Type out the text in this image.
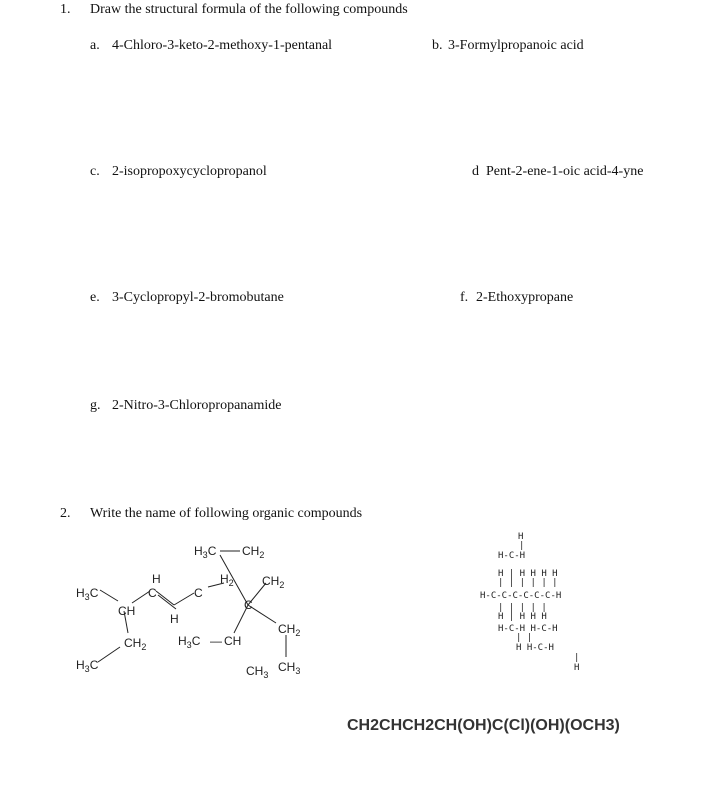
1. Draw the structural formula of the following compounds
a. 4-Chloro-3-keto-2-methoxy-1-pentanal	b. 3-Formylpropanoic acid
c. 2-isopropoxycyclopropanol	d Pent-2-ene-1-oic acid-4-yne
e. 3-Cyclopropyl-2-bromobutane	f. 2-Ethoxypropane
g. 2-Nitro-3-Chloropropanamide
2. Write the name of following organic compounds
$H_3C$ $CH_2$
$H_2$ $CH_2$
H
C	C
C
$H_3C$
CH
H
$CH_2$
$CH_2$	$H_3C$ — CH
$H_3C$	$CH_3$
$CH_3$
H
|
H-C-H
H | H H H H
| | | | | |
H-C-C-C-C-C-C-H
| | | | |
H | H H H
H-C-H H-C-H
| |
H H-C-H
|
H
CH2CHCH2CH(OH)C(Cl)(OH)(OCH3)
